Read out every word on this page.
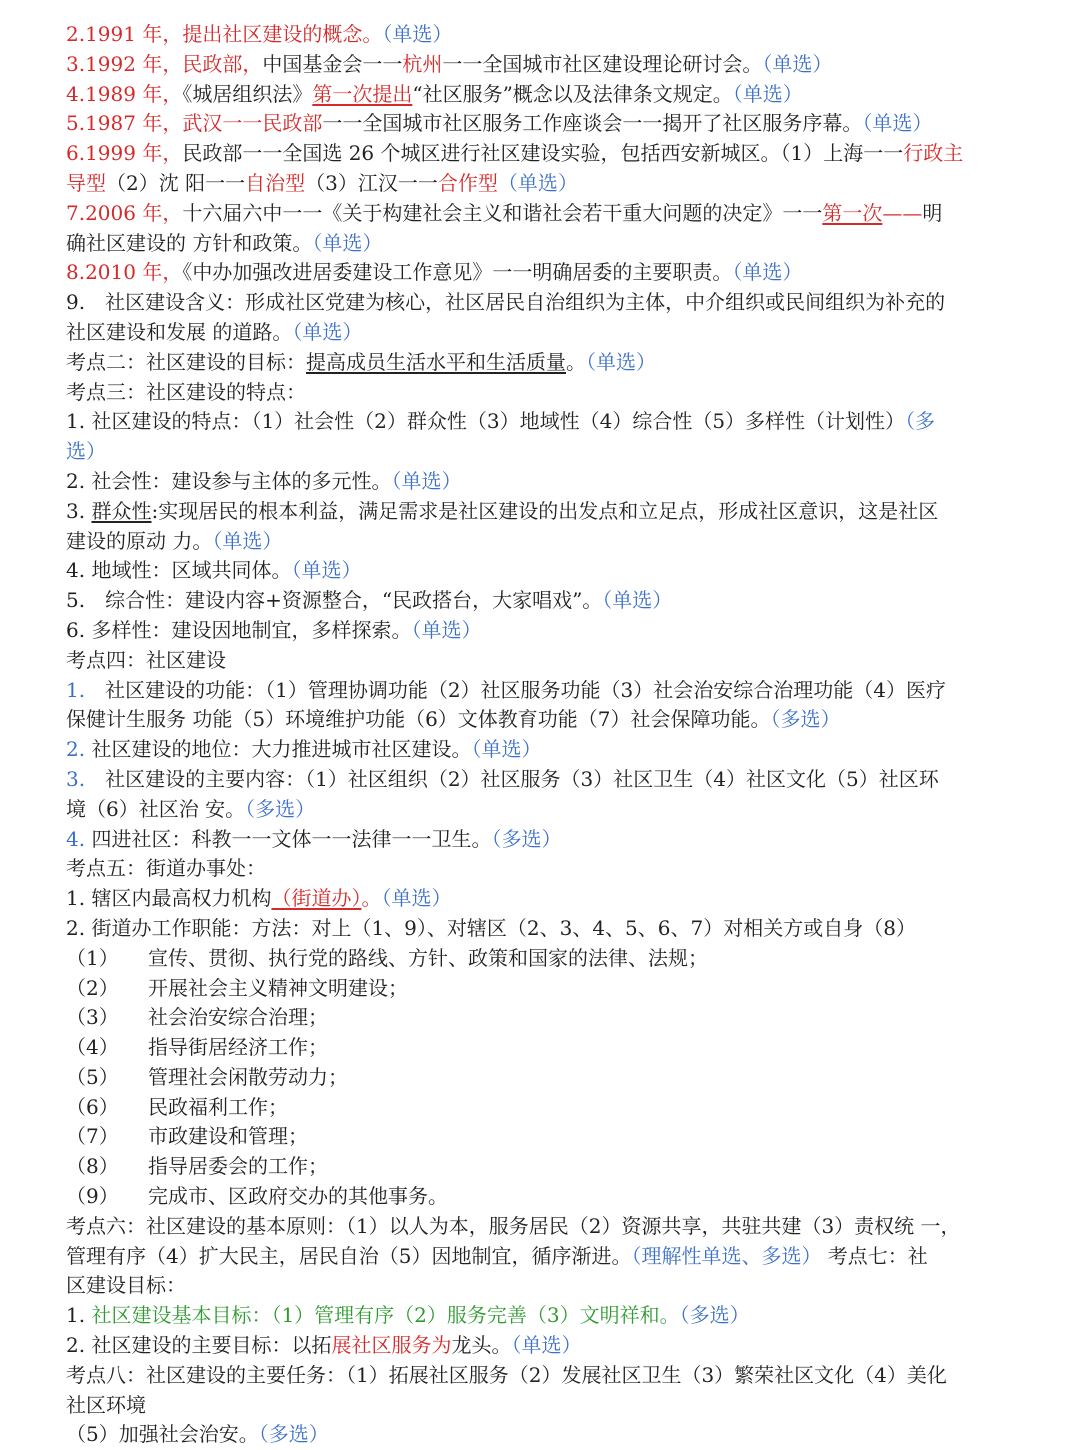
2.1991 年，提出社区建设的概念。（单选）
3.1992 年，民政部，中国基金会一一杭州一一全国城市社区建设理论研讨会。（单选）
4.1989 年，《城居组织法》第一次提出“社区服务”概念以及法律条文规定。（单选）
5.1987 年，武汉一一民政部一一全国城市社区服务工作座谈会一一揭开了社区服务序幕。（单选）
6.1999 年，民政部一一全国选 26 个城区进行社区建设实验，包括西安新城区。（1）上海一一行政主
导型（2）沈 阳一一自治型（3）江汉一一合作型（单选）
7.2006 年，十六届六中一一《关于构建社会主义和谐社会若干重大问题的决定》一一第一次——明
确社区建设的 方针和政策。（单选）
8.2010 年，《中办加强改进居委建设工作意见》一一明确居委的主要职责。（单选）
9.　社区建设含义：形成社区党建为核心，社区居民自治组织为主体，中介组织或民间组织为补充的
社区建设和发展 的道路。（单选）
考点二：社区建设的目标：提高成员生活水平和生活质量。（单选）
考点三：社区建设的特点：
1. 社区建设的特点：（1）社会性（2）群众性（3）地域性（4）综合性（5）多样性（计划性）（多
选）
2. 社会性：建设参与主体的多元性。（单选）
3. 群众性:实现居民的根本利益，满足需求是社区建设的出发点和立足点，形成社区意识，这是社区
建设的原动 力。（单选）
4. 地域性：区域共同体。（单选）
5.　综合性：建设内容+资源整合，“民政搭台，大家唱戏”。（单选）
6. 多样性：建设因地制宜，多样探索。（单选）
考点四：社区建设
1.　社区建设的功能：（1）管理协调功能（2）社区服务功能（3）社会治安综合治理功能（4）医疗
保健计生服务 功能（5）环境维护功能（6）文体教育功能（7）社会保障功能。（多选）
2. 社区建设的地位：大力推进城市社区建设。（单选）
3.　社区建设的主要内容：（1）社区组织（2）社区服务（3）社区卫生（4）社区文化（5）社区环
境（6）社区治 安。（多选）
4. 四进社区：科教一一文体一一法律一一卫生。（多选）
考点五：街道办事处：
1. 辖区内最高权力机构（街道办）。（单选）
2. 街道办工作职能：方法：对上（1、9）、对辖区（2、3、4、5、6、7）对相关方或自身（8）
（1） 宣传、贯彻、执行党的路线、方针、政策和国家的法律、法规；
（2） 开展社会主义精神文明建设；
（3） 社会治安综合治理；
（4） 指导街居经济工作；
（5） 管理社会闲散劳动力；
（6） 民政福利工作；
（7） 市政建设和管理；
（8） 指导居委会的工作；
（9） 完成市、区政府交办的其他事务。
考点六：社区建设的基本原则：（1）以人为本，服务居民（2）资源共享，共驻共建（3）责权统 一，
管理有序（4）扩大民主，居民自治（5）因地制宜，循序渐进。（理解性单选、多选） 考点七：社
区建设目标：
1. 社区建设基本目标：（1）管理有序（2）服务完善（3）文明祥和。（多选）
2. 社区建设的主要目标：以拓展社区服务为龙头。（单选）
考点八：社区建设的主要任务：（1）拓展社区服务（2）发展社区卫生（3）繁荣社区文化（4）美化
社区环境
（5）加强社会治安。（多选）
